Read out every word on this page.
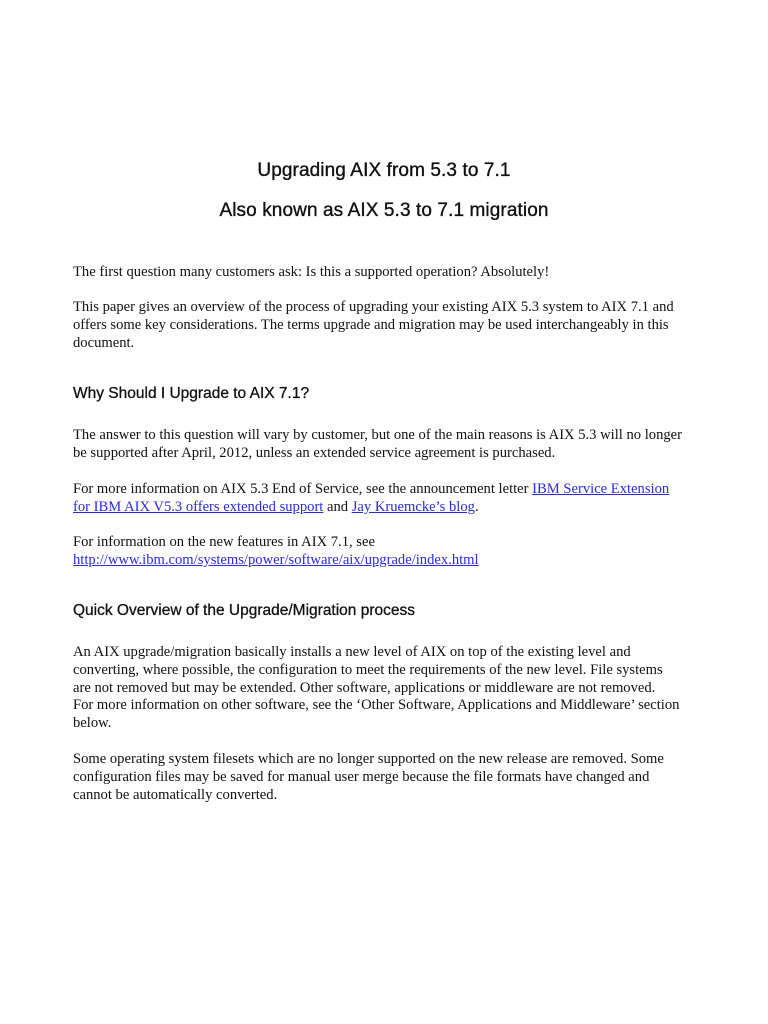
Upgrading AIX from 5.3 to 7.1
Also known as AIX 5.3 to 7.1 migration

The first question many customers ask: Is this a supported operation? Absolutely!

This paper gives an overview of the process of upgrading your existing AIX 5.3 system to AIX 7.1 and
offers some key considerations. The terms upgrade and migration may be used interchangeably in this
document.

Why Should I Upgrade to AIX 7.1?

The answer to this question will vary by customer, but one of the main reasons is AIX 5.3 will no longer
be supported after April, 2012, unless an extended service agreement is purchased.

For more information on AIX 5.3 End of Service, see the announcement letter IBM Service Extension
for IBM AIX V5.3 offers extended support and Jay Kruemcke’s blog.

For information on the new features in AIX 7.1, see
http://www.ibm.com/systems/power/software/aix/upgrade/index.html

Quick Overview of the Upgrade/Migration process

An AIX upgrade/migration basically installs a new level of AIX on top of the existing level and
converting, where possible, the configuration to meet the requirements of the new level. File systems
are not removed but may be extended. Other software, applications or middleware are not removed.
For more information on other software, see the ‘Other Software, Applications and Middleware’ section
below.

Some operating system filesets which are no longer supported on the new release are removed. Some
configuration files may be saved for manual user merge because the file formats have changed and
cannot be automatically converted.
